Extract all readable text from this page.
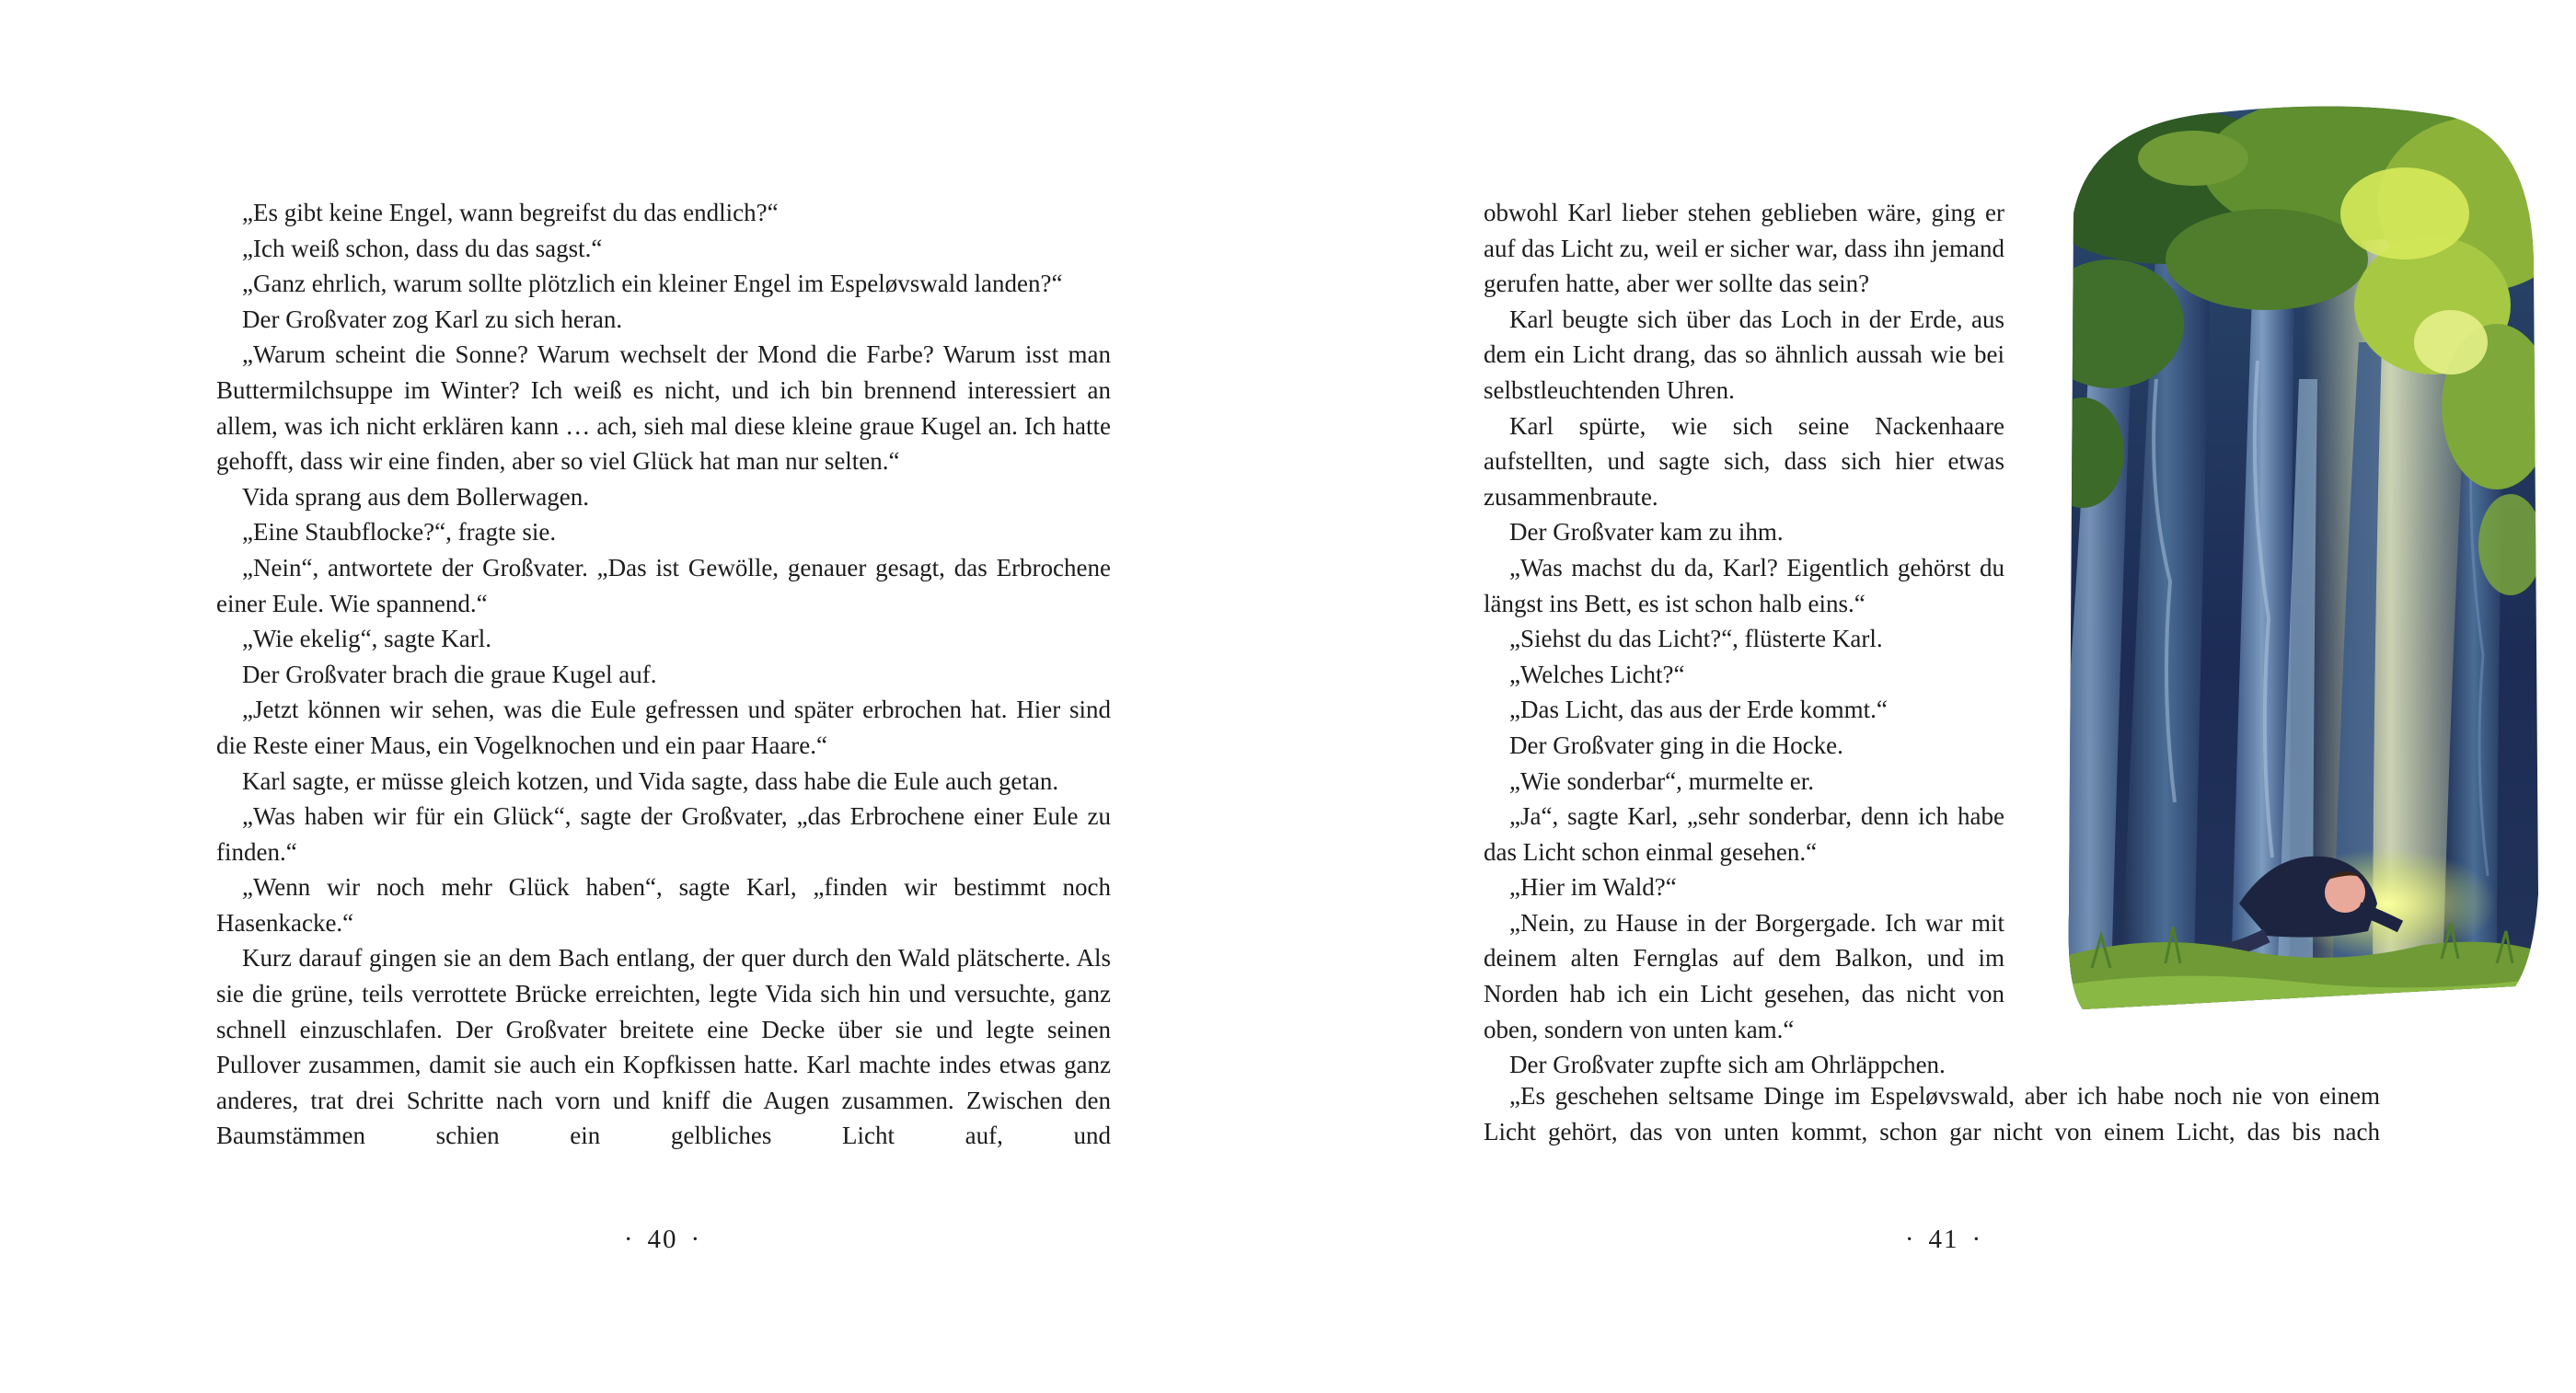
„Es gibt keine Engel, wann begreifst du das endlich?“

„Ich weiß schon, dass du das sagst.“

„Ganz ehrlich, warum sollte plötzlich ein kleiner Engel im Espeløvswald landen?“

Der Großvater zog Karl zu sich heran.

„Warum scheint die Sonne? Warum wechselt der Mond die Farbe? Warum isst man Buttermilchsuppe im Winter? Ich weiß es nicht, und ich bin brennend interessiert an allem, was ich nicht erklären kann … ach, sieh mal diese kleine graue Kugel an. Ich hatte gehofft, dass wir eine finden, aber so viel Glück hat man nur selten.“

Vida sprang aus dem Bollerwagen.

„Eine Staubflocke?“, fragte sie.

„Nein“, antwortete der Großvater. „Das ist Gewölle, genauer gesagt, das Erbrochene einer Eule. Wie spannend.“

„Wie ekelig“, sagte Karl.

Der Großvater brach die graue Kugel auf.

„Jetzt können wir sehen, was die Eule gefressen und später erbrochen hat. Hier sind die Reste einer Maus, ein Vogelknochen und ein paar Haare.“

Karl sagte, er müsse gleich kotzen, und Vida sagte, dass habe die Eule auch getan.

„Was haben wir für ein Glück“, sagte der Großvater, „das Erbrochene einer Eule zu finden.“

„Wenn wir noch mehr Glück haben“, sagte Karl, „finden wir bestimmt noch Hasenkacke.“

Kurz darauf gingen sie an dem Bach entlang, der quer durch den Wald plätscherte. Als sie die grüne, teils verrottete Brücke erreichten, legte Vida sich hin und versuchte, ganz schnell einzuschlafen. Der Großvater breitete eine Decke über sie und legte seinen Pullover zusammen, damit sie auch ein Kopfkissen hatte. Karl machte indes etwas ganz anderes, trat drei Schritte nach vorn und kniff die Augen zusammen. Zwischen den Baumstämmen schien ein gelbliches Licht auf, und

· 40 ·

obwohl Karl lieber stehen geblieben wäre, ging er auf das Licht zu, weil er sicher war, dass ihn jemand gerufen hatte, aber wer sollte das sein?

Karl beugte sich über das Loch in der Erde, aus dem ein Licht drang, das so ähnlich aussah wie bei selbstleuchtenden Uhren.

Karl spürte, wie sich seine Nackenhaare aufstellten, und sagte sich, dass sich hier etwas zusammenbraute.

Der Großvater kam zu ihm.

„Was machst du da, Karl? Eigentlich gehörst du längst ins Bett, es ist schon halb eins.“

„Siehst du das Licht?“, flüsterte Karl.

„Welches Licht?“

„Das Licht, das aus der Erde kommt.“

Der Großvater ging in die Hocke.

„Wie sonderbar“, murmelte er.

„Ja“, sagte Karl, „sehr sonderbar, denn ich habe das Licht schon einmal gesehen.“

„Hier im Wald?“

„Nein, zu Hause in der Borgergade. Ich war mit deinem alten Fernglas auf dem Balkon, und im Norden hab ich ein Licht gesehen, das nicht von oben, sondern von unten kam.“

Der Großvater zupfte sich am Ohrläppchen.

„Es geschehen seltsame Dinge im Espeløvswald, aber ich habe noch nie von einem Licht gehört, das von unten kommt, schon gar nicht von einem Licht, das bis nach

· 41 ·
